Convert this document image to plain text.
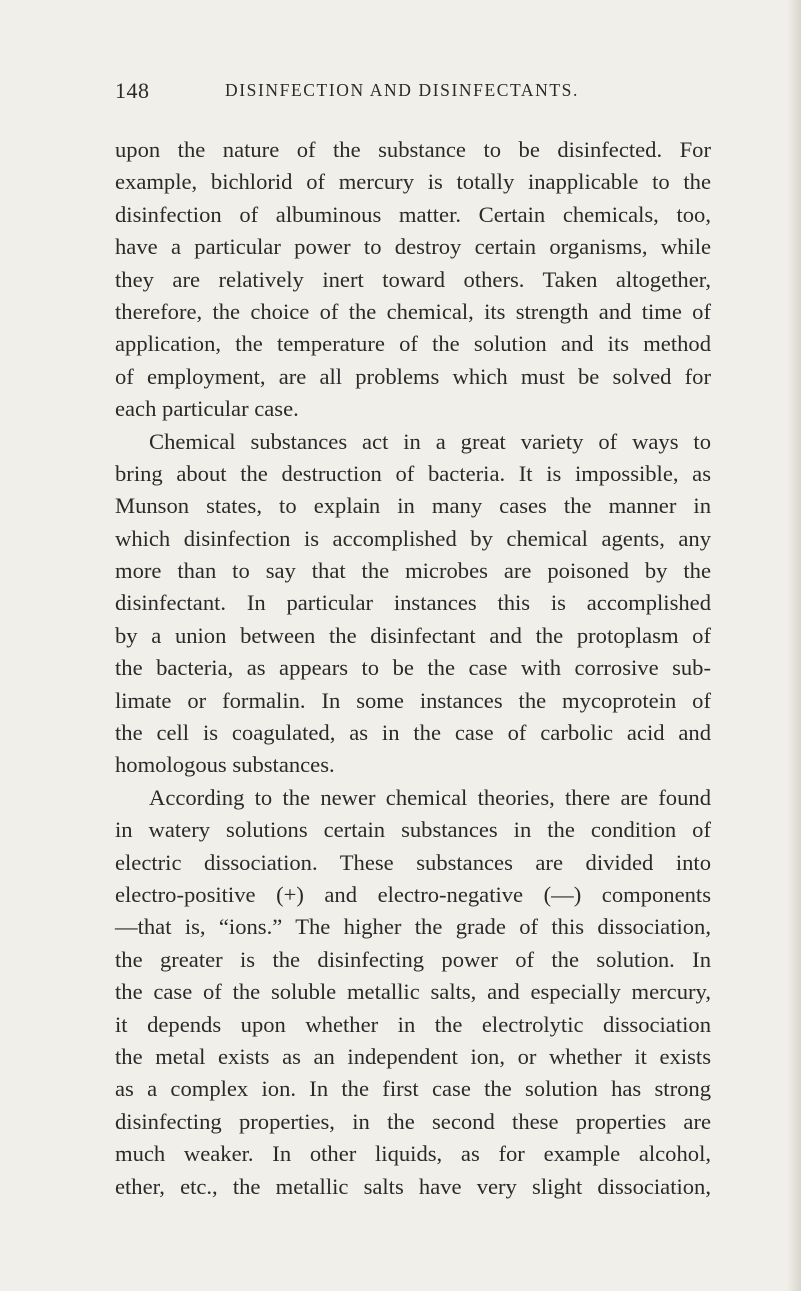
148	DISINFECTION AND DISINFECTANTS.
upon the nature of the substance to be disinfected. For
example, bichlorid of mercury is totally inapplicable to the
disinfection of albuminous matter. Certain chemicals, too,
have a particular power to destroy certain organisms, while
they are relatively inert toward others. Taken altogether,
therefore, the choice of the chemical, its strength and time of
application, the temperature of the solution and its method
of employment, are all problems which must be solved for
each particular case.
Chemical substances act in a great variety of ways to
bring about the destruction of bacteria. It is impossible, as
Munson states, to explain in many cases the manner in
which disinfection is accomplished by chemical agents, any
more than to say that the microbes are poisoned by the
disinfectant. In particular instances this is accomplished
by a union between the disinfectant and the protoplasm of
the bacteria, as appears to be the case with corrosive sub-
limate or formalin. In some instances the mycoprotein of
the cell is coagulated, as in the case of carbolic acid and
homologous substances.
According to the newer chemical theories, there are found
in watery solutions certain substances in the condition of
electric dissociation. These substances are divided into
electro-positive (+) and electro-negative (—) components
—that is, “ions.” The higher the grade of this dissociation,
the greater is the disinfecting power of the solution. In
the case of the soluble metallic salts, and especially mercury,
it depends upon whether in the electrolytic dissociation
the metal exists as an independent ion, or whether it exists
as a complex ion. In the first case the solution has strong
disinfecting properties, in the second these properties are
much weaker. In other liquids, as for example alcohol,
ether, etc., the metallic salts have very slight dissociation,
